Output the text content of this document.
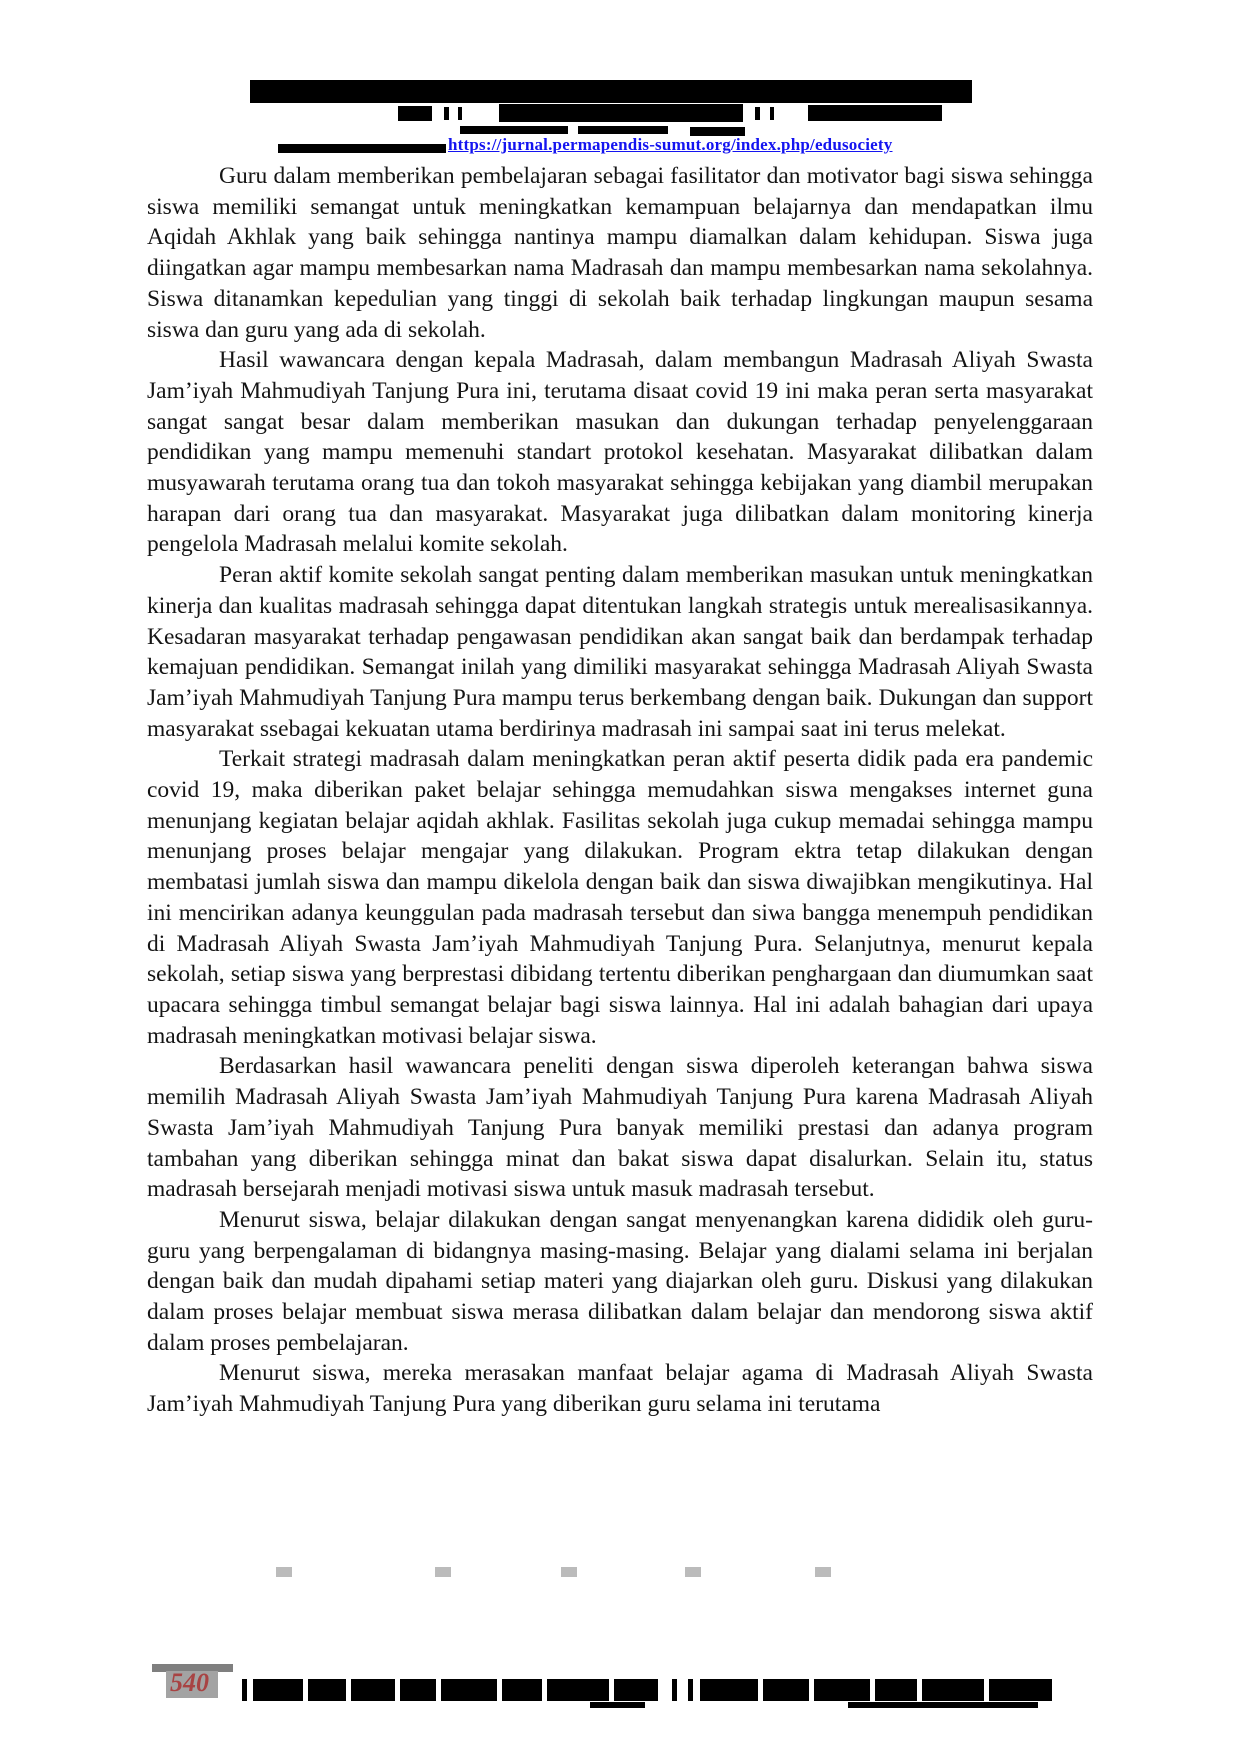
https://jurnal.permapendis-sumut.org/index.php/edusociety

Guru dalam memberikan pembelajaran sebagai fasilitator dan motivator bagi siswa sehingga siswa memiliki semangat untuk meningkatkan kemampuan belajarnya dan mendapatkan ilmu Aqidah Akhlak yang baik sehingga nantinya mampu diamalkan dalam kehidupan. Siswa juga diingatkan agar mampu membesarkan nama Madrasah dan mampu membesarkan nama sekolahnya. Siswa ditanamkan kepedulian yang tinggi di sekolah baik terhadap lingkungan maupun sesama siswa dan guru yang ada di sekolah.

Hasil wawancara dengan kepala Madrasah, dalam membangun Madrasah Aliyah Swasta Jam’iyah Mahmudiyah Tanjung Pura ini, terutama disaat covid 19 ini maka peran serta masyarakat sangat sangat besar dalam memberikan masukan dan dukungan terhadap penyelenggaraan pendidikan yang mampu memenuhi standart protokol kesehatan. Masyarakat dilibatkan dalam musyawarah terutama orang tua dan tokoh masyarakat sehingga kebijakan yang diambil merupakan harapan dari orang tua dan masyarakat. Masyarakat juga dilibatkan dalam monitoring kinerja pengelola Madrasah melalui komite sekolah.

Peran aktif komite sekolah sangat penting dalam memberikan masukan untuk meningkatkan kinerja dan kualitas madrasah sehingga dapat ditentukan langkah strategis untuk merealisasikannya. Kesadaran masyarakat terhadap pengawasan pendidikan akan sangat baik dan berdampak terhadap kemajuan pendidikan. Semangat inilah yang dimiliki masyarakat sehingga Madrasah Aliyah Swasta Jam’iyah Mahmudiyah Tanjung Pura mampu terus berkembang dengan baik. Dukungan dan support masyarakat ssebagai kekuatan utama berdirinya madrasah ini sampai saat ini terus melekat.

Terkait strategi madrasah dalam meningkatkan peran aktif peserta didik pada era pandemic covid 19, maka diberikan paket belajar sehingga memudahkan siswa mengakses internet guna menunjang kegiatan belajar aqidah akhlak. Fasilitas sekolah juga cukup memadai sehingga mampu menunjang proses belajar mengajar yang dilakukan. Program ektra tetap dilakukan dengan membatasi jumlah siswa dan mampu dikelola dengan baik dan siswa diwajibkan mengikutinya. Hal ini mencirikan adanya keunggulan pada madrasah tersebut dan siwa bangga menempuh pendidikan di Madrasah Aliyah Swasta Jam’iyah Mahmudiyah Tanjung Pura. Selanjutnya, menurut kepala sekolah, setiap siswa yang berprestasi dibidang tertentu diberikan penghargaan dan diumumkan saat upacara sehingga timbul semangat belajar bagi siswa lainnya. Hal ini adalah bahagian dari upaya madrasah meningkatkan motivasi belajar siswa.

Berdasarkan hasil wawancara peneliti dengan siswa diperoleh keterangan bahwa siswa memilih Madrasah Aliyah Swasta Jam’iyah Mahmudiyah Tanjung Pura karena Madrasah Aliyah Swasta Jam’iyah Mahmudiyah Tanjung Pura banyak memiliki prestasi dan adanya program tambahan yang diberikan sehingga minat dan bakat siswa dapat disalurkan. Selain itu, status madrasah bersejarah menjadi motivasi siswa untuk masuk madrasah tersebut.

Menurut siswa, belajar dilakukan dengan sangat menyenangkan karena dididik oleh guru-guru yang berpengalaman di bidangnya masing-masing. Belajar yang dialami selama ini berjalan dengan baik dan mudah dipahami setiap materi yang diajarkan oleh guru. Diskusi yang dilakukan dalam proses belajar membuat siswa merasa dilibatkan dalam belajar dan mendorong siswa aktif dalam proses pembelajaran.

Menurut siswa, mereka merasakan manfaat belajar agama di Madrasah Aliyah Swasta Jam’iyah Mahmudiyah Tanjung Pura yang diberikan guru selama ini terutama

540
